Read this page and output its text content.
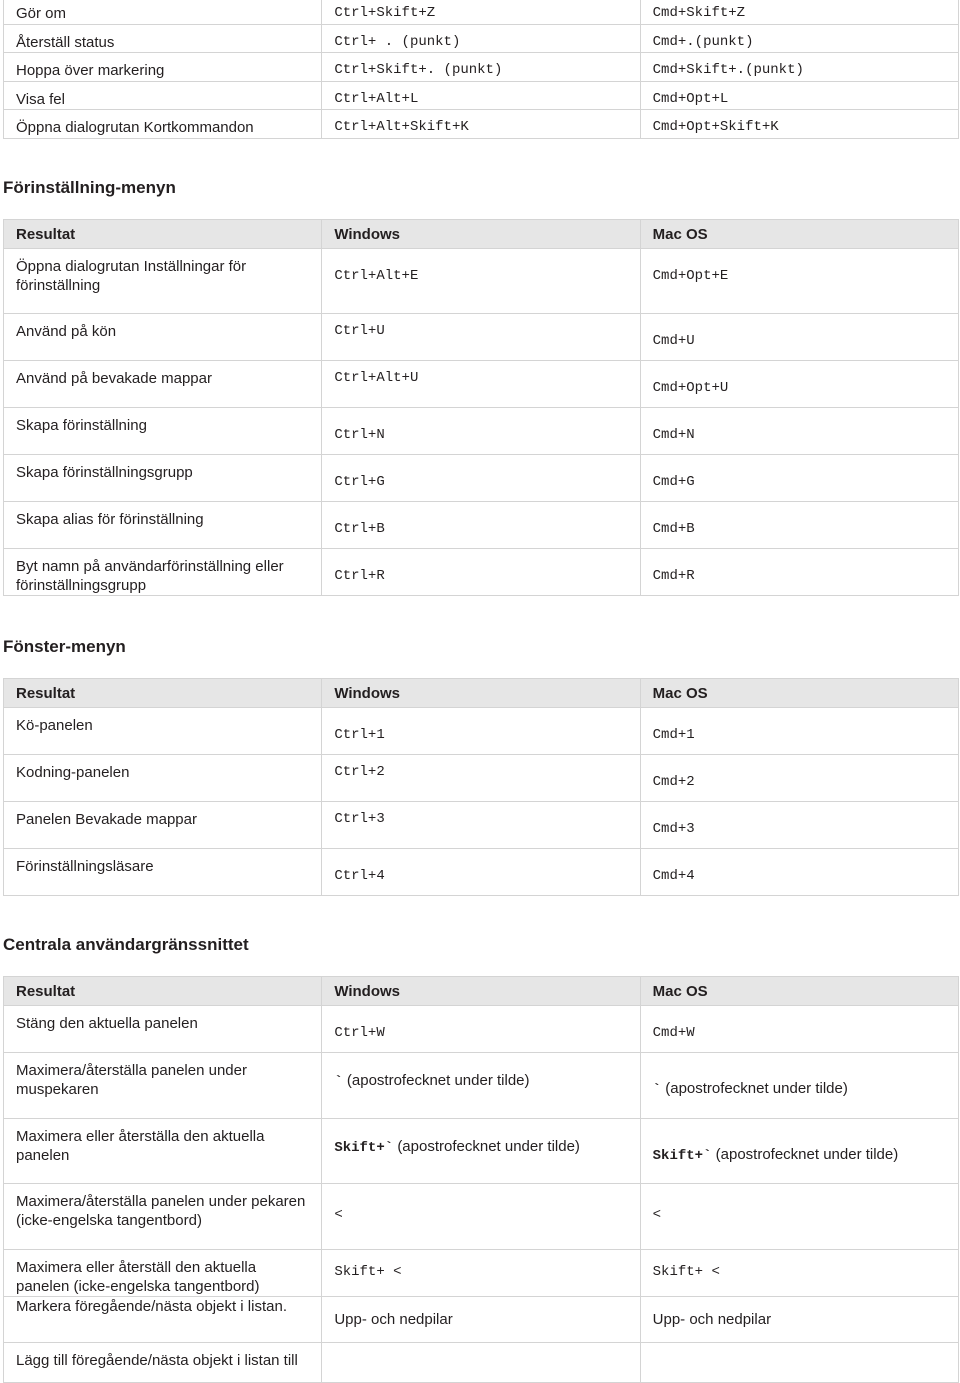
Gör om	Ctrl+Skift+Z	Cmd+Skift+Z
Återställ status	Ctrl+ . (punkt)	Cmd+.(punkt)
Hoppa över markering	Ctrl+Skift+. (punkt)	Cmd+Skift+.(punkt)
Visa fel	Ctrl+Alt+L	Cmd+Opt+L
Öppna dialogrutan Kortkommandon	Ctrl+Alt+Skift+K	Cmd+Opt+Skift+K
Förinställning-menyn
Resultat	Windows	Mac OS
Öppna dialogrutan Inställningar för förinställning	Ctrl+Alt+E	Cmd+Opt+E
Använd på kön	Ctrl+U	Cmd+U
Använd på bevakade mappar	Ctrl+Alt+U	Cmd+Opt+U
Skapa förinställning	Ctrl+N	Cmd+N
Skapa förinställningsgrupp	Ctrl+G	Cmd+G
Skapa alias för förinställning	Ctrl+B	Cmd+B
Byt namn på användarförinställning eller förinställningsgrupp	Ctrl+R	Cmd+R
Fönster-menyn
Resultat	Windows	Mac OS
Kö-panelen	Ctrl+1	Cmd+1
Kodning-panelen	Ctrl+2	Cmd+2
Panelen Bevakade mappar	Ctrl+3	Cmd+3
Förinställningsläsare	Ctrl+4	Cmd+4
Centrala användargränssnittet
Resultat	Windows	Mac OS
Stäng den aktuella panelen	Ctrl+W	Cmd+W
Maximera/återställa panelen under muspekaren	` (apostrofecknet under tilde)	` (apostrofecknet under tilde)
Maximera eller återställa den aktuella panelen	Skift+` (apostrofecknet under tilde)	Skift+` (apostrofecknet under tilde)
Maximera/återställa panelen under pekaren (icke-engelska tangentbord)	<	<
Maximera eller återställ den aktuella panelen (icke-engelska tangentbord)	Skift+ <	Skift+ <
Markera föregående/nästa objekt i listan.	Upp- och nedpilar	Upp- och nedpilar
Lägg till föregående/nästa objekt i listan till		
